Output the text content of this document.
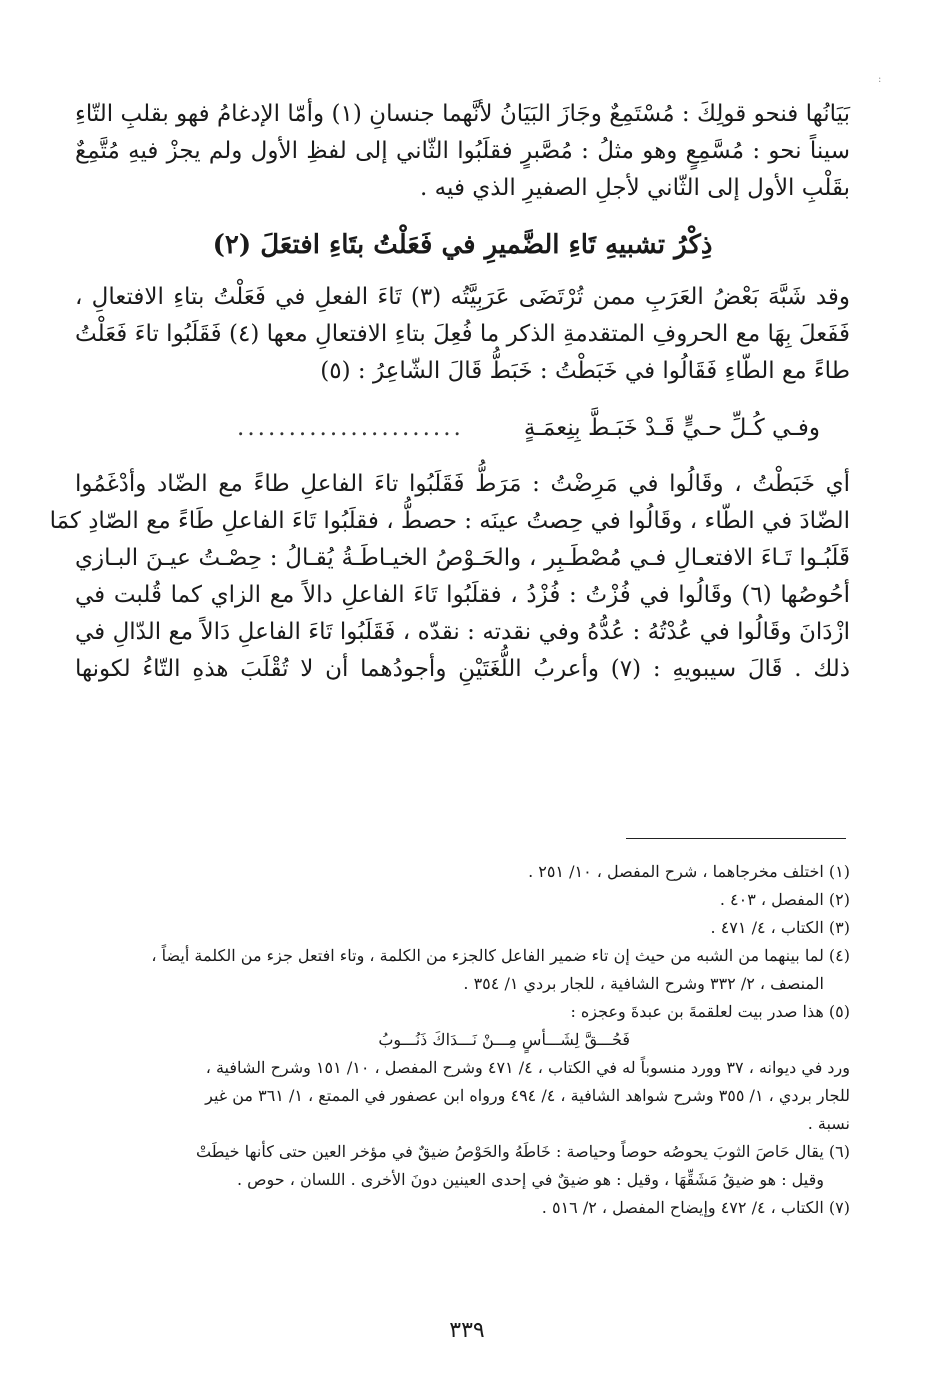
:
بَيَانُها فنحو قولِكَ : مُسْتَمِعٌ وجَازَ البَيَانُ لأنَّهما جنسانِ (١) وأمّا الإدغامُ فهو بقلبِ التّاءِ
سيناً نحو : مُسَّمِعٍ وهو مثلُ : مُصَّبرٍ فقلَبُوا الثّاني إلى لفظِ الأول ولم يجزْ فيهِ مُتَّمِعٌ
بقَلْبِ الأول إلى الثّاني لأجلِ الصفيرِ الذي فيه .
ذِكْرُ تشبيهِ تَاءِ الضَّميرِ في فَعَلْتُ بتَاءِ افتعَلَ (٢)
وقد شَبَّهَ بَعْضُ العَرَبِ ممن تُرْتَضَى عَرَبِيَّتُه (٣) تَاءَ الفعلِ في فَعَلْتُ بتاءِ الافتعالِ ،
فَفَعلَ بِهَا مع الحروفِ المتقدمةِ الذكر ما فُعِلَ بتاءِ الافتعالِ معها (٤) فَقَلَبُوا تاءَ فَعَلْتُ
طاءً مع الطّاءِ فَقَالُوا في خَبَطْتُ : خَبَطُّ قَالَ الشّاعِرُ : (٥)
وفـي كُـلِّ حـيٍّ قَـدْ خَبَـطَّ بِنِعمَـةٍ
......................
أي خَبَطْتُ ، وقَالُوا في مَرِضْتُ : مَرَطُّ فَقَلَبُوا تاءَ الفاعلِ طاءً مع الضّاد وأدْغَمُوا
الضّادَ في الطّاء ، وقَالُوا في حِصتُ عينَه : حصطُّ ، فقلَبُوا تَاءَ الفاعلِ طَاءً مع الصّادِ كمَا
قَلَبُـوا تَـاءَ الافتعـالِ فـي مُصْطَـبِر ، والحَـوْصُ الخيـاطَـةُ يُقـالُ : حِصْـتُ عيـنَ البـازي
أحُوصُها (٦) وقَالُوا في فُزْتُ : فُزْدُ ، فقلَبُوا تَاءَ الفاعلِ دالاً مع الزاي كما قُلبت في
ازْدَانَ وقَالُوا في عُدْتُهُ : عُدُّهُ وفي نقدته : نقدّه ، فَقَلَبُوا تَاءَ الفاعلِ دَالاً مع الدّالِ في
ذلك . قَالَ سيبويهِ : (٧) وأعربُ اللُّغَتَيْنِ وأجودُهما أن لا تُقْلَبَ هذهِ التّاءُ لكونها
(١) اختلف مخرجاهما ، شرح المفصل ، ١٠/ ٢٥١ .
(٢) المفصل ، ٤٠٣ .
(٣) الكتاب ، ٤/ ٤٧١ .
(٤) لما بينهما من الشبه من حيث إن تاء ضمير الفاعل كالجزء من الكلمة ، وتاء افتعل جزء من الكلمة أيضاً ،
المنصف ، ٢/ ٣٣٢ وشرح الشافية ، للجار بردي ١/ ٣٥٤ .
(٥) هذا صدر بيت لعلقمةَ بن عبدةَ وعجزه :
فَحُـــقَّ لِشَـــأسٍ مِـــنْ نَـــدَاكَ ذَنُـــوبُ
ورد في ديوانه ، ٣٧ وورد منسوباً له في الكتاب ، ٤/ ٤٧١ وشرح المفصل ، ١٠/ ١٥١ وشرح الشافية ،
للجار بردي ، ١/ ٣٥٥ وشرح شواهد الشافية ، ٤/ ٤٩٤ ورواه ابن عصفور في الممتع ، ١/ ٣٦١ من غير
نسبة .
(٦) يقال حَاصَ الثوبَ يحوصُه حوصاً وحياصة : خَاطَهُ والحَوْصُ ضيقٌ في مؤخر العين حتى كأنها خيطَتْ
وقيل : هو ضيقُ مَشَقِّهَا ، وقيل : هو ضيقٌ في إحدى العينين دونَ الأخرى . اللسان ، حوص .
(٧) الكتاب ، ٤/ ٤٧٢ وإيضاح المفصل ، ٢/ ٥١٦ .
٣٣٩
